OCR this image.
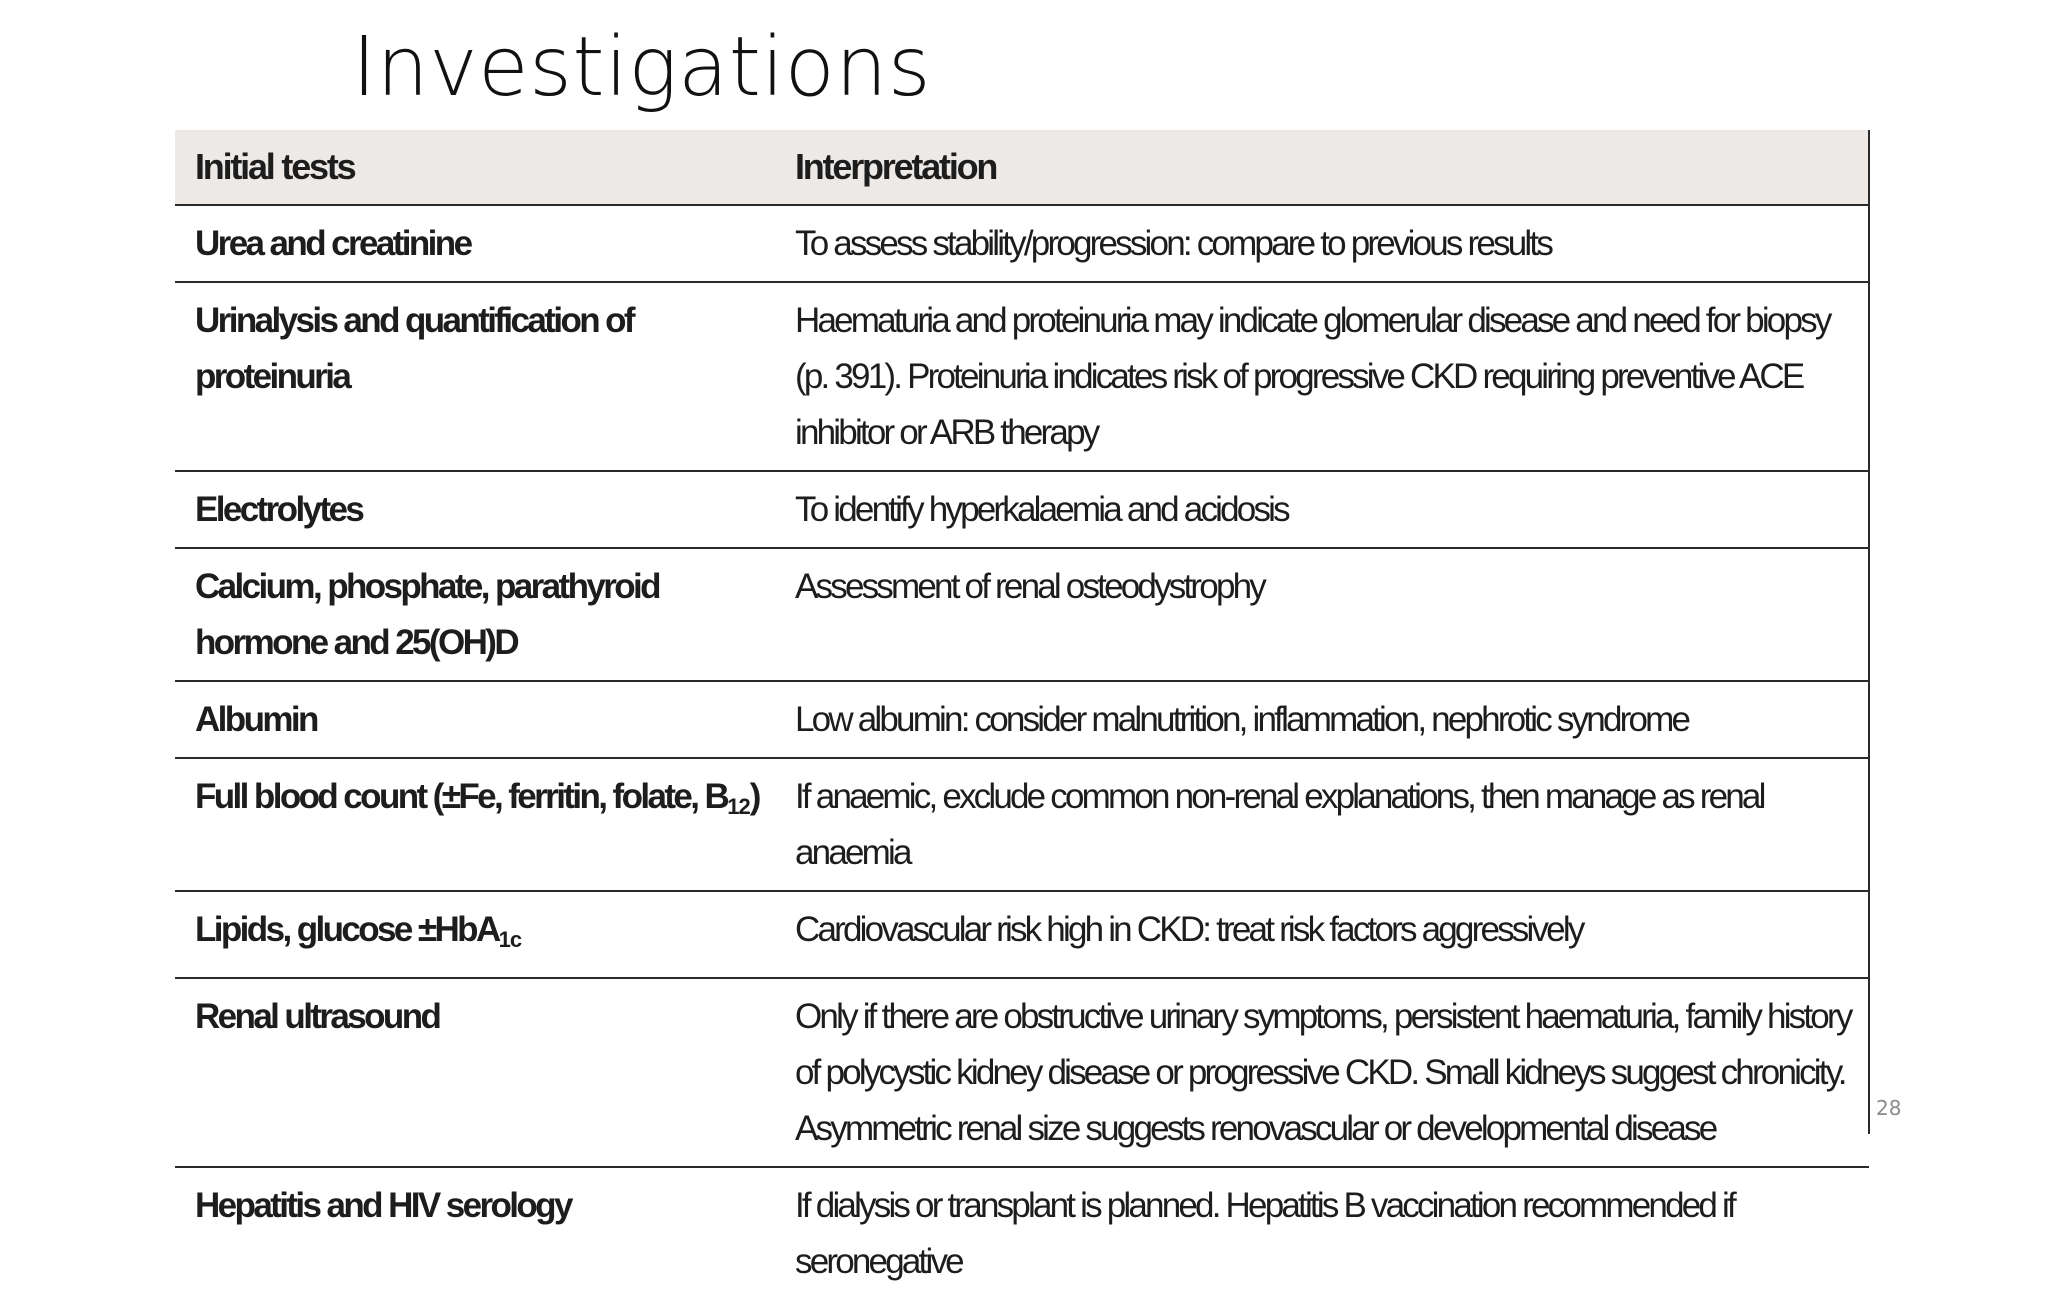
Investigations
Initial tests	Interpretation
Urea and creatinine	To assess stability/progression: compare to previous results
Urinalysis and quantification of proteinuria	Haematuria and proteinuria may indicate glomerular disease and need for biopsy (p. 391). Proteinuria indicates risk of progressive CKD requiring preventive ACE inhibitor or ARB therapy
Electrolytes	To identify hyperkalaemia and acidosis
Calcium, phosphate, parathyroid hormone and 25(OH)D	Assessment of renal osteodystrophy
Albumin	Low albumin: consider malnutrition, inflammation, nephrotic syndrome
Full blood count (±Fe, ferritin, folate, $B_{12}$)	If anaemic, exclude common non-renal explanations, then manage as renal anaemia
Lipids, glucose ±HbA$_{1c}$	Cardiovascular risk high in CKD: treat risk factors aggressively
Renal ultrasound	Only if there are obstructive urinary symptoms, persistent haematuria, family history of polycystic kidney disease or progressive CKD. Small kidneys suggest chronicity. Asymmetric renal size suggests renovascular or developmental disease
Hepatitis and HIV serology	If dialysis or transplant is planned. Hepatitis B vaccination recommended if seronegative
28
